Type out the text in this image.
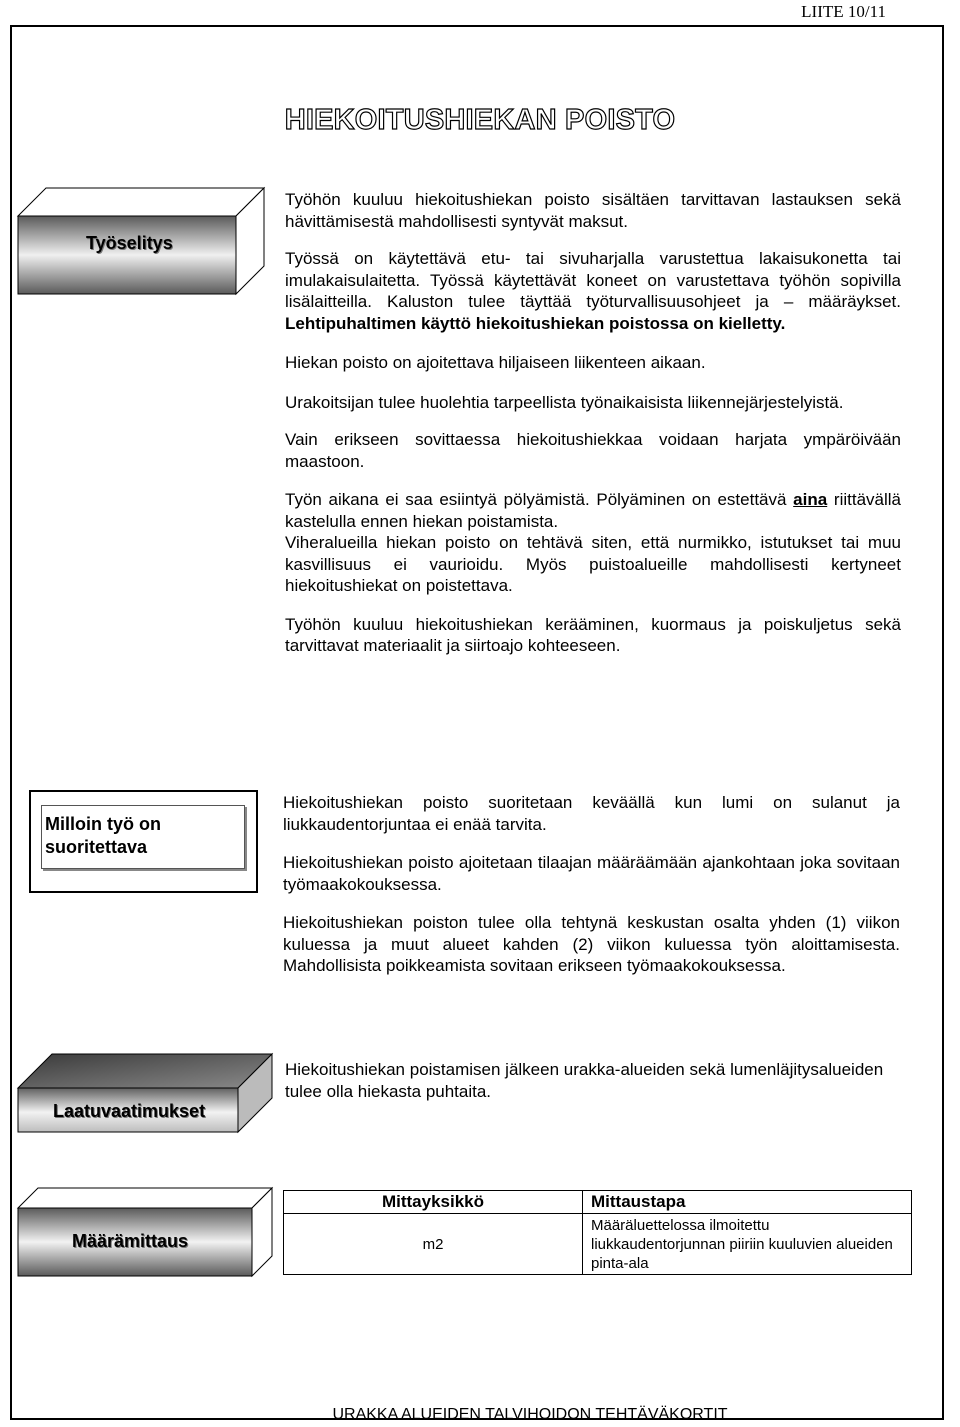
LIITE 10/11
HIEKOITUSHIEKAN POISTO
Työselitys

Työhön kuuluu hiekoitushiekan poisto sisältäen tarvittavan lastauksen sekä hävittämisestä mahdollisesti syntyvät maksut.

Työssä on käytettävä etu- tai sivuharjalla varustettua lakaisukonetta tai imulakaisulaitetta. Työssä käytettävät koneet on varustettava työhön sopivilla lisälaitteilla. Kaluston tulee täyttää työturvallisuusohjeet ja – määräykset. Lehtipuhaltimen käyttö hiekoitushiekan poistossa on kielletty.

Hiekan poisto on ajoitettava hiljaiseen liikenteen aikaan.

Urakoitsijan tulee huolehtia tarpeellista työnaikaisista liikennejärjestelyistä.

Vain erikseen sovittaessa hiekoitushiekkaa voidaan harjata ympäröivään maastoon.

Työn aikana ei saa esiintyä pölyämistä. Pölyäminen on estettävä aina riittävällä kastelulla ennen hiekan poistamista.

Viheralueilla hiekan poisto on tehtävä siten, että nurmikko, istutukset tai muu kasvillisuus ei vaurioidu. Myös puistoalueille mahdollisesti kertyneet hiekoitushiekat on poistettava.

Työhön kuuluu hiekoitushiekan kerääminen, kuormaus ja poiskuljetus sekä tarvittavat materiaalit ja siirtoajo kohteeseen.

Milloin työ on
suoritettava

Hiekoitushiekan poisto suoritetaan keväällä kun lumi on sulanut ja liukkaudentorjuntaa ei enää tarvita.

Hiekoitushiekan poisto ajoitetaan tilaajan määräämään ajankohtaan joka sovitaan työmaakokouksessa.

Hiekoitushiekan poiston tulee olla tehtynä keskustan osalta yhden (1) viikon kuluessa ja muut alueet kahden (2) viikon kuluessa työn aloittamisesta. Mahdollisista poikkeamista sovitaan erikseen työmaakokouksessa.

Laatuvaatimukset

Hiekoitushiekan poistamisen jälkeen urakka-alueiden sekä lumenläjitysalueiden tulee olla hiekasta puhtaita.

Määrämittaus
Mittayksikkö	Mittaustapa
m2	Määräluettelossa ilmoitettu liukkaudentorjunnan piiriin kuuluvien alueiden pinta-ala
URAKKA ALUEIDEN TALVIHOIDON TEHTÄVÄKORTIT
